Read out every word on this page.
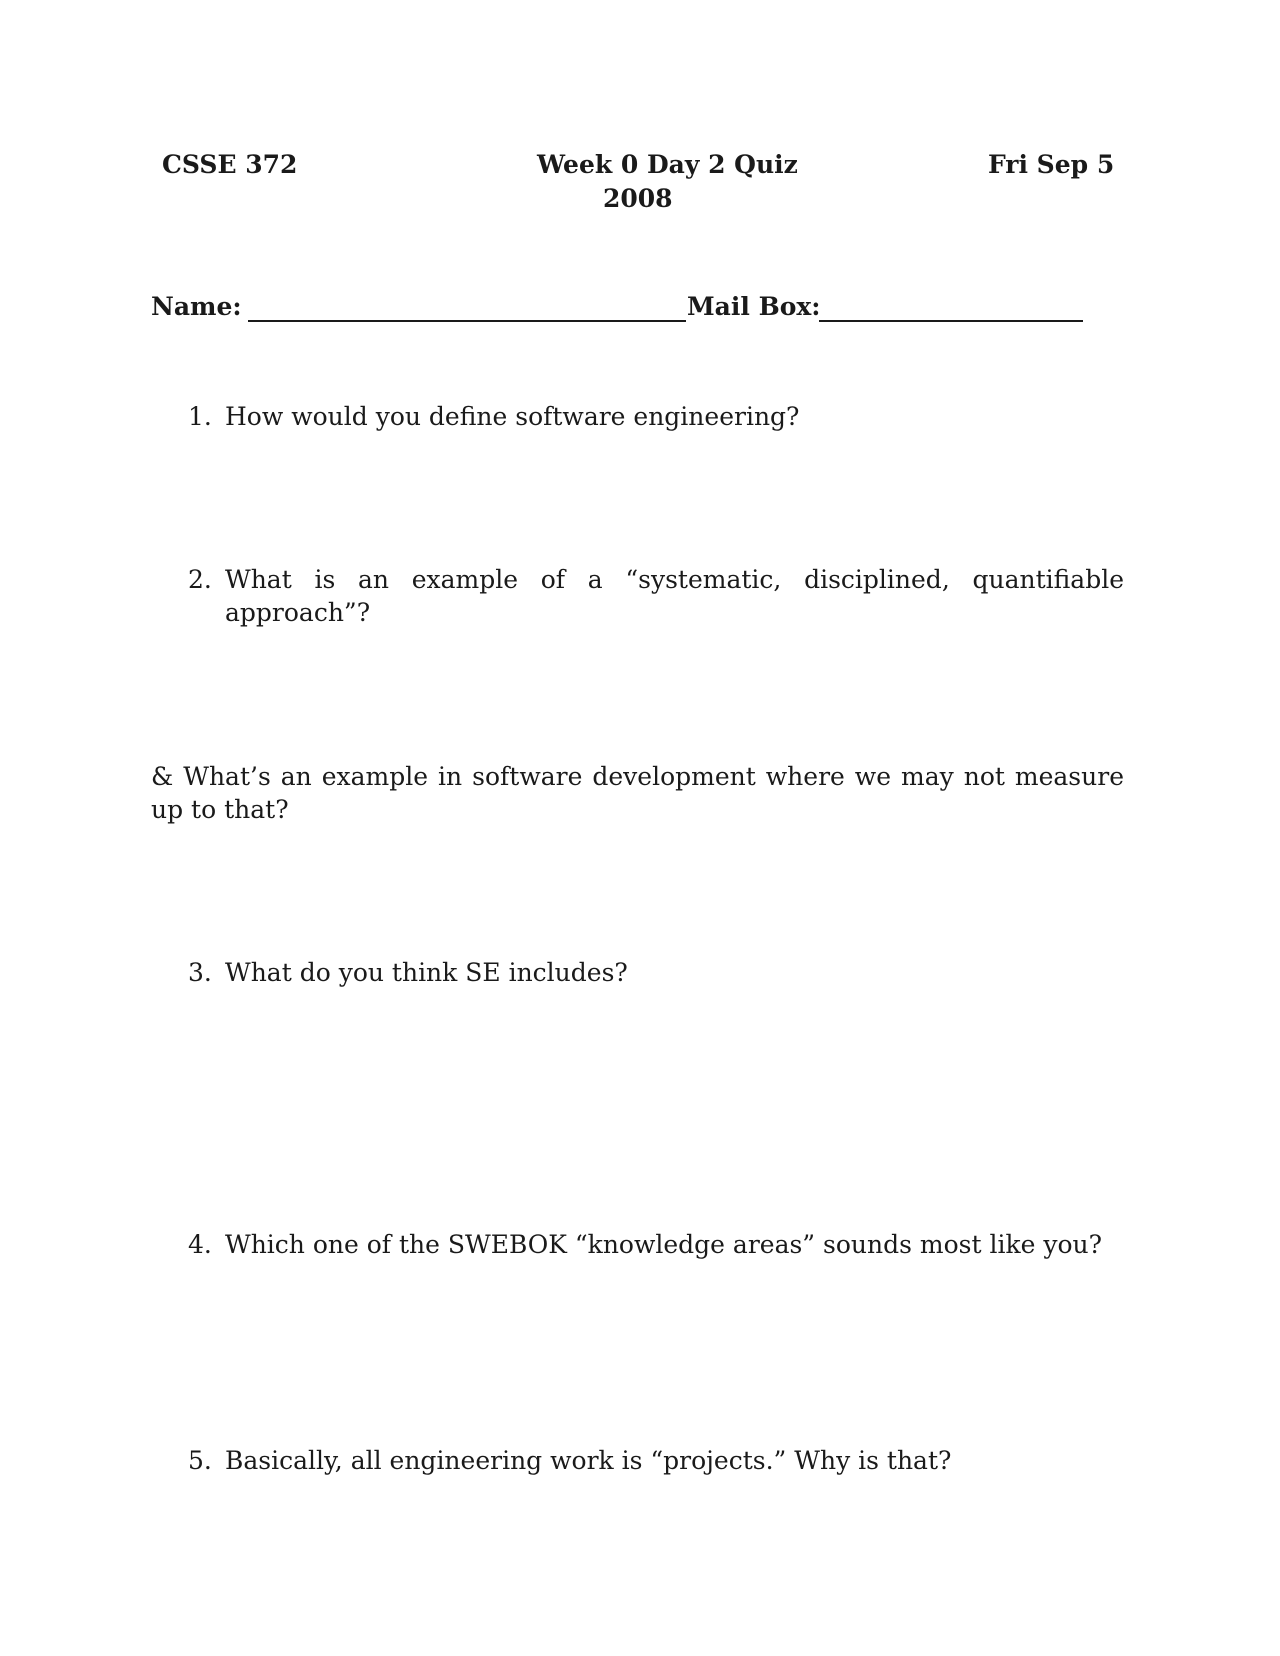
CSSE 372	Week 0 Day 2 Quiz	Fri Sep 5
2008
Name:	Mail Box:
1. How would you define software engineering?
2. What is an example of a “systematic, disciplined, quantifiable approach”?
& What’s an example in software development where we may not measure up to that?
3. What do you think SE includes?
4. Which one of the SWEBOK “knowledge areas” sounds most like you?
5. Basically, all engineering work is “projects.” Why is that?
